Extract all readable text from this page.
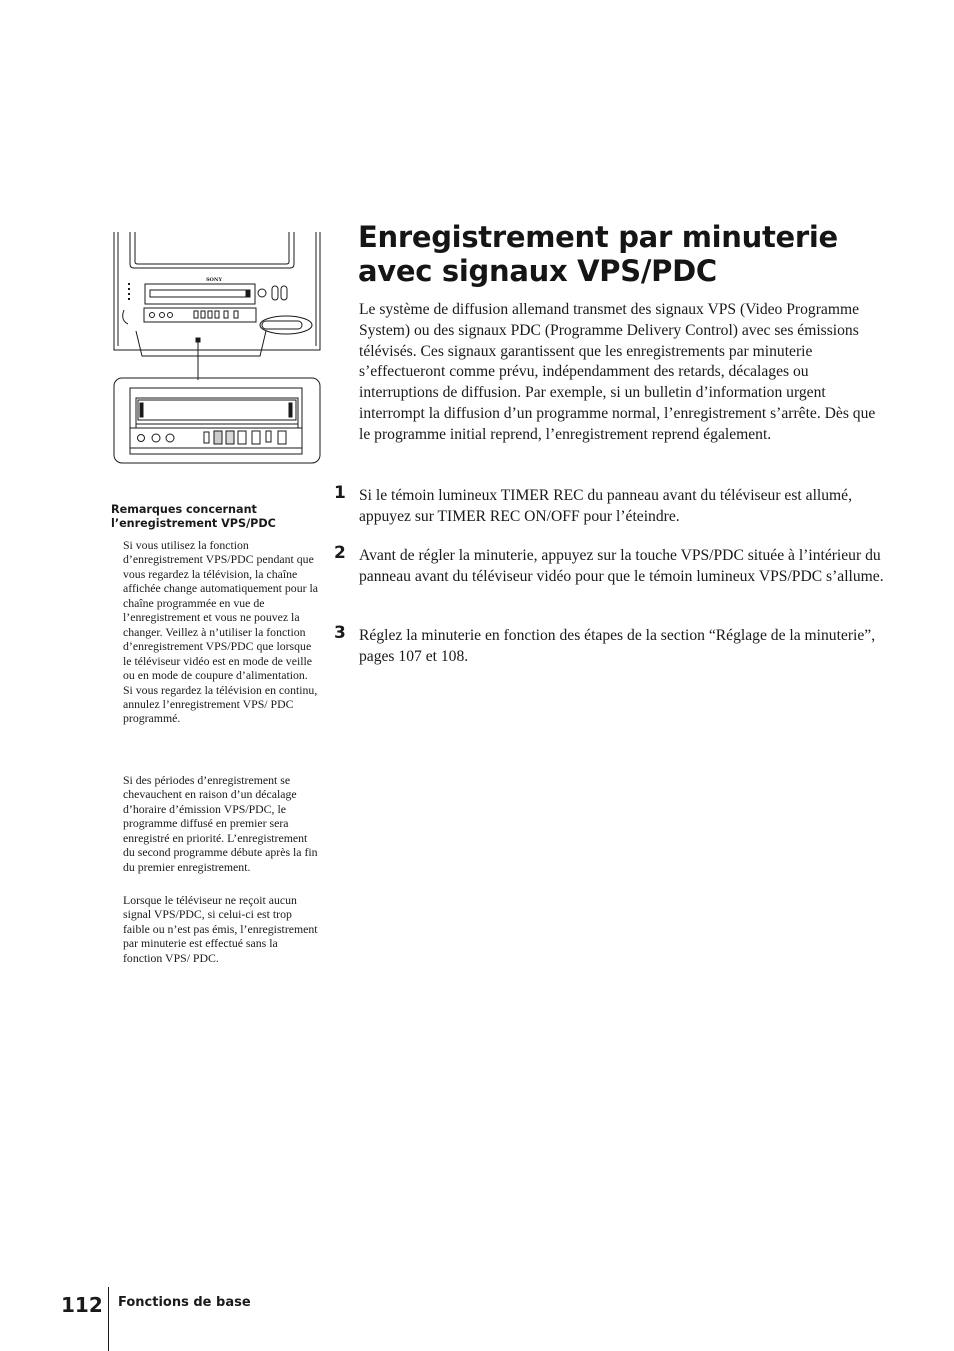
SONY
Enregistrement par minuterie avec signaux VPS/PDC

Le système de diffusion allemand transmet des signaux VPS (Video Programme System) ou des signaux PDC (Programme Delivery Control) avec ses émissions télévisés. Ces signaux garantissent que les enregistrements par minuterie s’effectueront comme prévu, indépendamment des retards, décalages ou interruptions de diffusion. Par exemple, si un bulletin d’information urgent interrompt la diffusion d’un programme normal, l’enregistrement s’arrête. Dès que le programme initial reprend, l’enregistrement reprend également.

1 Si le témoin lumineux TIMER REC du panneau avant du téléviseur est allumé, appuyez sur TIMER REC ON/OFF pour l’éteindre.
2 Avant de régler la minuterie, appuyez sur la touche VPS/PDC située à l’intérieur du panneau avant du téléviseur vidéo pour que le témoin lumineux VPS/PDC s’allume.
3 Réglez la minuterie en fonction des étapes de la section “Réglage de la minuterie”, pages 107 et 108.

Remarques concernant l’enregistrement VPS/PDC

Si vous utilisez la fonction d’enregistrement VPS/PDC pendant que vous regardez la télévision, la chaîne affichée change automatiquement pour la chaîne programmée en vue de l’enregistrement et vous ne pouvez la changer. Veillez à n’utiliser la fonction d’enregistrement VPS/PDC que lorsque le téléviseur vidéo est en mode de veille ou en mode de coupure d’alimentation. Si vous regardez la télévision en continu, annulez l’enregistrement VPS/ PDC programmé.

Si des périodes d’enregistrement se chevauchent en raison d’un décalage d’horaire d’émission VPS/PDC, le programme diffusé en premier sera enregistré en priorité. L’enregistrement du second programme débute après la fin du premier enregistrement.

Lorsque le téléviseur ne reçoit aucun signal VPS/PDC, si celui-ci est trop faible ou n’est pas émis, l’enregistrement par minuterie est effectué sans la fonction VPS/ PDC.

112 Fonctions de base
